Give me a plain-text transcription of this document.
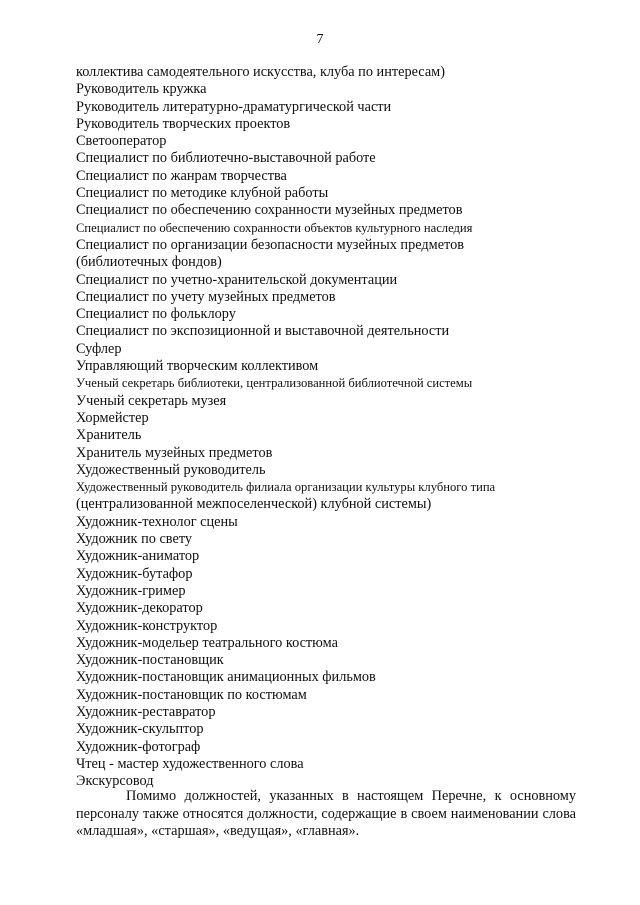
7
коллектива самодеятельного искусства, клуба по интересам)
Руководитель кружка
Руководитель литературно-драматургической части
Руководитель творческих проектов
Светооператор
Специалист по библиотечно-выставочной работе
Специалист по жанрам творчества
Специалист по методике клубной работы
Специалист по обеспечению сохранности музейных предметов
Специалист по обеспечению сохранности объектов культурного наследия
Специалист по организации безопасности музейных предметов
(библиотечных фондов)
Специалист по учетно-хранительской документации
Специалист по учету музейных предметов
Специалист по фольклору
Специалист по экспозиционной и выставочной деятельности
Суфлер
Управляющий творческим коллективом
Ученый секретарь библиотеки, централизованной библиотечной системы
Ученый секретарь музея
Хормейстер
Хранитель
Хранитель музейных предметов
Художественный руководитель
Художественный руководитель филиала организации культуры клубного типа
(централизованной межпоселенческой) клубной системы)
Художник-технолог сцены
Художник по свету
Художник-аниматор
Художник-бутафор
Художник-гример
Художник-декоратор
Художник-конструктор
Художник-модельер театрального костюма
Художник-постановщик
Художник-постановщик анимационных фильмов
Художник-постановщик по костюмам
Художник-реставратор
Художник-скульптор
Художник-фотограф
Чтец - мастер художественного слова
Экскурсовод

Помимо должностей, указанных в настоящем Перечне, к основному персоналу также относятся должности, содержащие в своем наименовании слова «младшая», «старшая», «ведущая», «главная».
